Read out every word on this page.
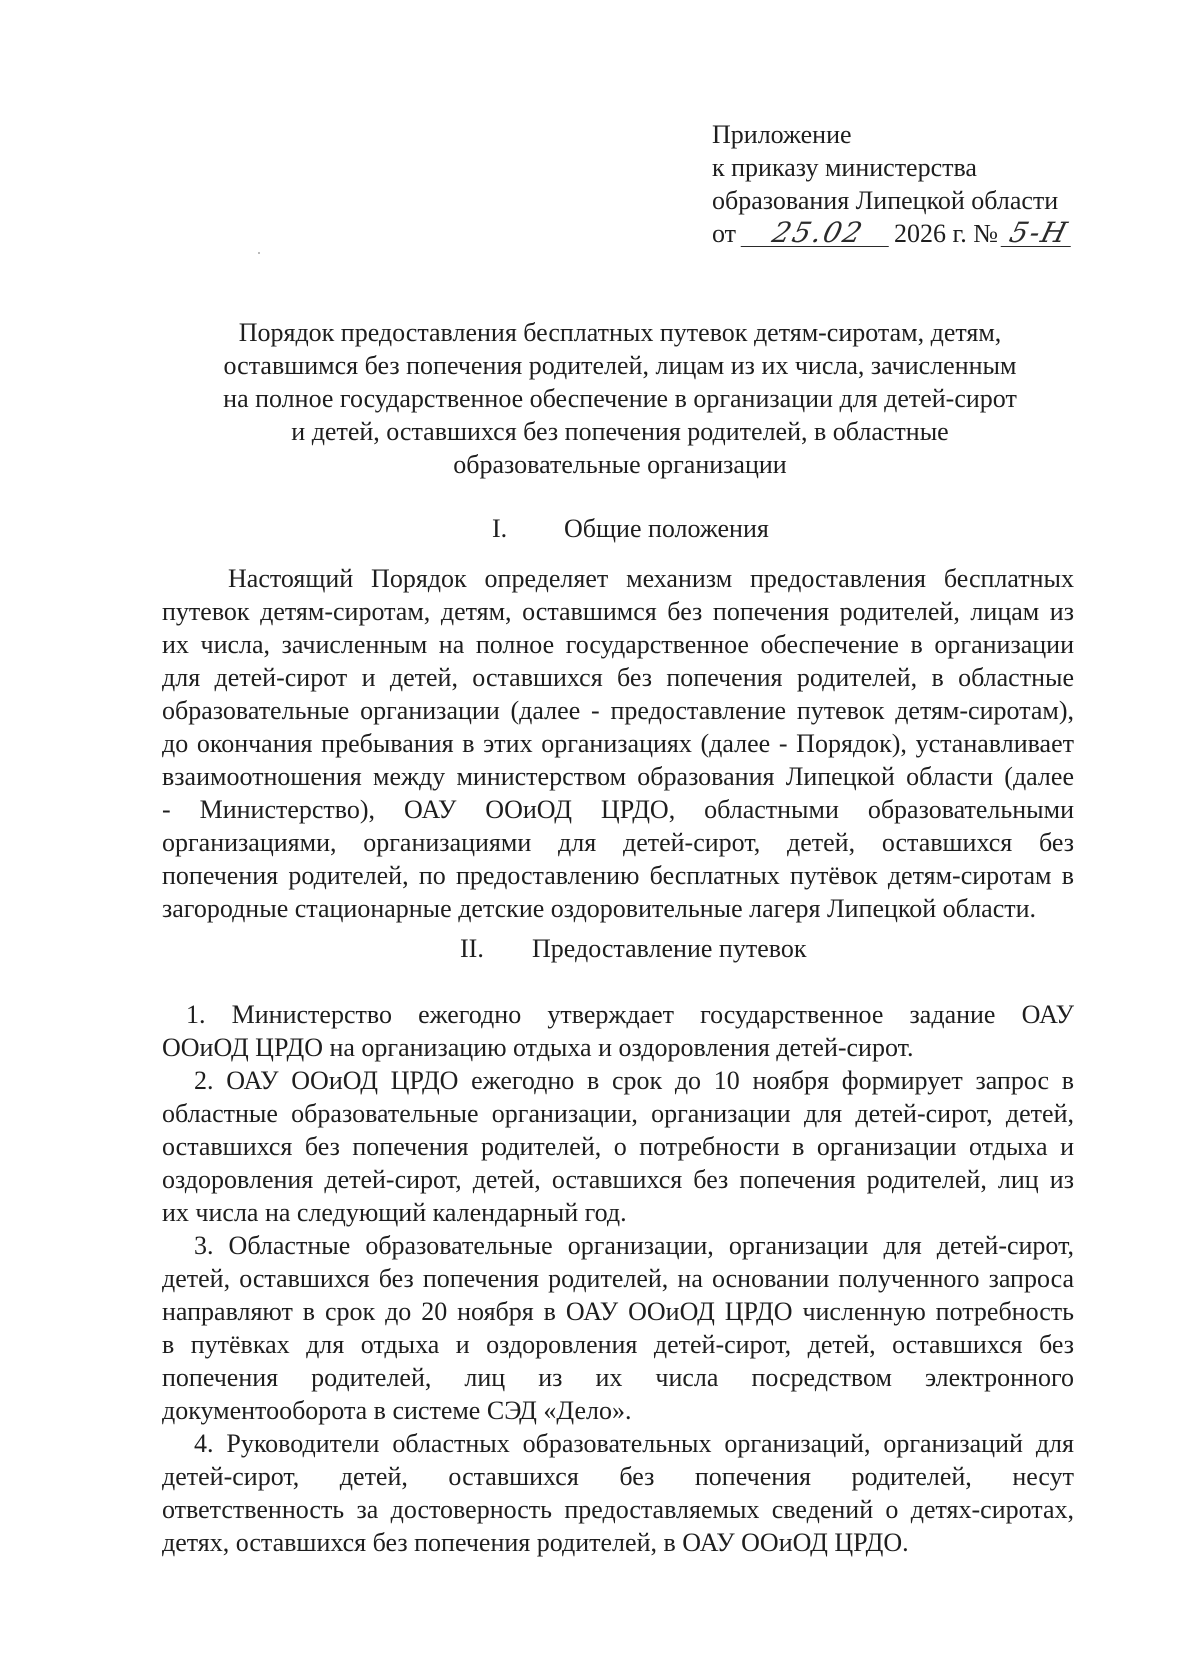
Приложение
к приказу министерства
образования Липецкой области
от 25.02 2026 г. № 5-Н
Порядок предоставления бесплатных путевок детям-сиротам, детям,
оставшимся без попечения родителей, лицам из их числа, зачисленным
на полное государственное обеспечение в организации для детей-сирот
и детей, оставшихся без попечения родителей, в областные
образовательные организации
I. Общие положения
Настоящий Порядок определяет механизм предоставления бесплатных
путевок детям-сиротам, детям, оставшимся без попечения родителей, лицам из
их числа, зачисленным на полное государственное обеспечение в организации
для детей-сирот и детей, оставшихся без попечения родителей, в областные
образовательные организации (далее - предоставление путевок детям-сиротам),
до окончания пребывания в этих организациях (далее - Порядок), устанавливает
взаимоотношения между министерством образования Липецкой области (далее
- Министерство), ОАУ ООиОД ЦРДО, областными образовательными
организациями, организациями для детей-сирот, детей, оставшихся без
попечения родителей, по предоставлению бесплатных путёвок детям-сиротам в
загородные стационарные детские оздоровительные лагеря Липецкой области.
II. Предоставление путевок
1. Министерство ежегодно утверждает государственное задание ОАУ
ООиОД ЦРДО на организацию отдыха и оздоровления детей-сирот.
2. ОАУ ООиОД ЦРДО ежегодно в срок до 10 ноября формирует запрос в
областные образовательные организации, организации для детей-сирот, детей,
оставшихся без попечения родителей, о потребности в организации отдыха и
оздоровления детей-сирот, детей, оставшихся без попечения родителей, лиц из
их числа на следующий календарный год.
3. Областные образовательные организации, организации для детей-сирот,
детей, оставшихся без попечения родителей, на основании полученного запроса
направляют в срок до 20 ноября в ОАУ ООиОД ЦРДО численную потребность
в путёвках для отдыха и оздоровления детей-сирот, детей, оставшихся без
попечения родителей, лиц из их числа посредством электронного
документооборота в системе СЭД «Дело».
4. Руководители областных образовательных организаций, организаций для
детей-сирот, детей, оставшихся без попечения родителей, несут
ответственность за достоверность предоставляемых сведений о детях-сиротах,
детях, оставшихся без попечения родителей, в ОАУ ООиОД ЦРДО.
